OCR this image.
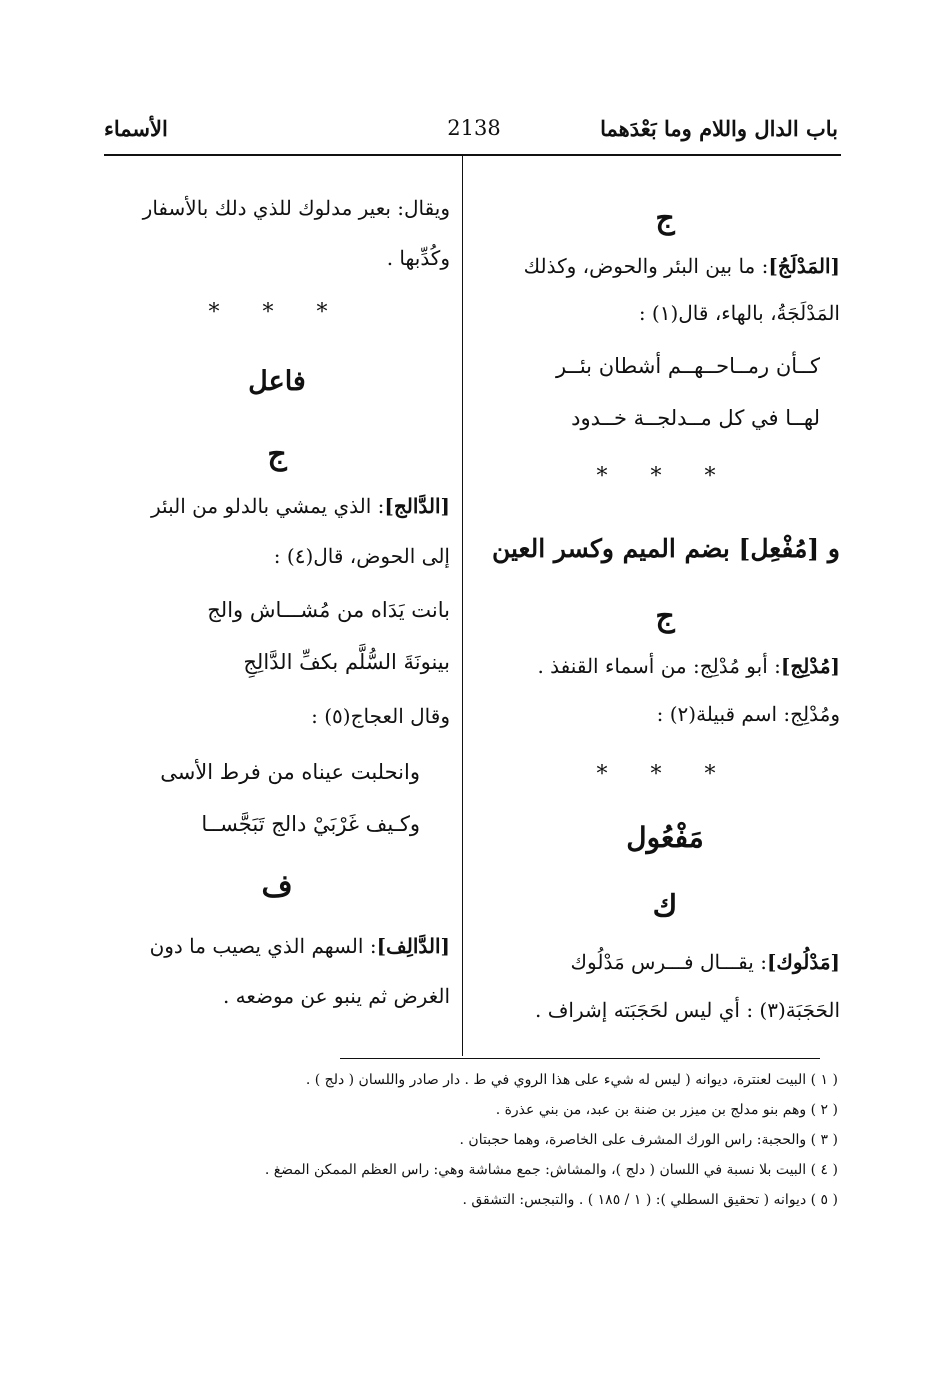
باب الدال واللام وما بَعْدَهما
2138
الأسماء
ج
[المَدْلَجُ]: ما بين البئر والحوض، وكذلك
المَدْلَجَةُ، بالهاء، قال(١) :
كــأن رمــاحــهــم أشطان بئــر
لهــا في كل مــدلجــة خــدود
* * *
و [مُفْعِل] بضم الميم وكسر العين
ج
[مُدْلِج]: أبو مُدْلِج: من أسماء القنفذ .
ومُدْلِج: اسم قبيلة(٢) :
* * *
مَفْعُول
ك
[مَدْلُوك]: يقـــال فـــرس مَدْلُوك
الحَجَبَة(٣) : أي ليس لحَجَبَته إشراف .
ويقال: بعير مدلوك للذي دلك بالأسفار
وكُدِّبها .
* * *
فاعل
ج
[الدَّالج]: الذي يمشي بالدلو من البئر
إلى الحوض، قال(٤) :
بانت يَدَاه من مُشـــاش والج
بينونَةَ السُّلَّم بكفِّ الدَّالِجِ
وقال العجاج(٥) :
وانحلبت عيناه من فرط الأسى
وكـيف غَرْبَيْ دالج تَبَجَّســا
ف
[الدَّالِف]: السهم الذي يصيب ما دون
الغرض ثم ينبو عن موضعه .
( ١ ) البيت لعنترة، ديوانه ( ليس له شيء على هذا الروي في ط . دار صادر واللسان ( دلج ) .
( ٢ ) وهم بنو مدلج بن ميزر بن ضنة بن عبد، من بني عذرة .
( ٣ ) والحجبة: راس الورك المشرف على الخاصرة، وهما حجبتان .
( ٤ ) البيت بلا نسبة في اللسان ( دلج )، والمشاش: جمع مشاشة وهي: راس العظم الممكن المضغ .
( ٥ ) ديوانه ( تحقيق السطلي ): ( ١ / ١٨٥ ) . والتبجس: التشقق .
